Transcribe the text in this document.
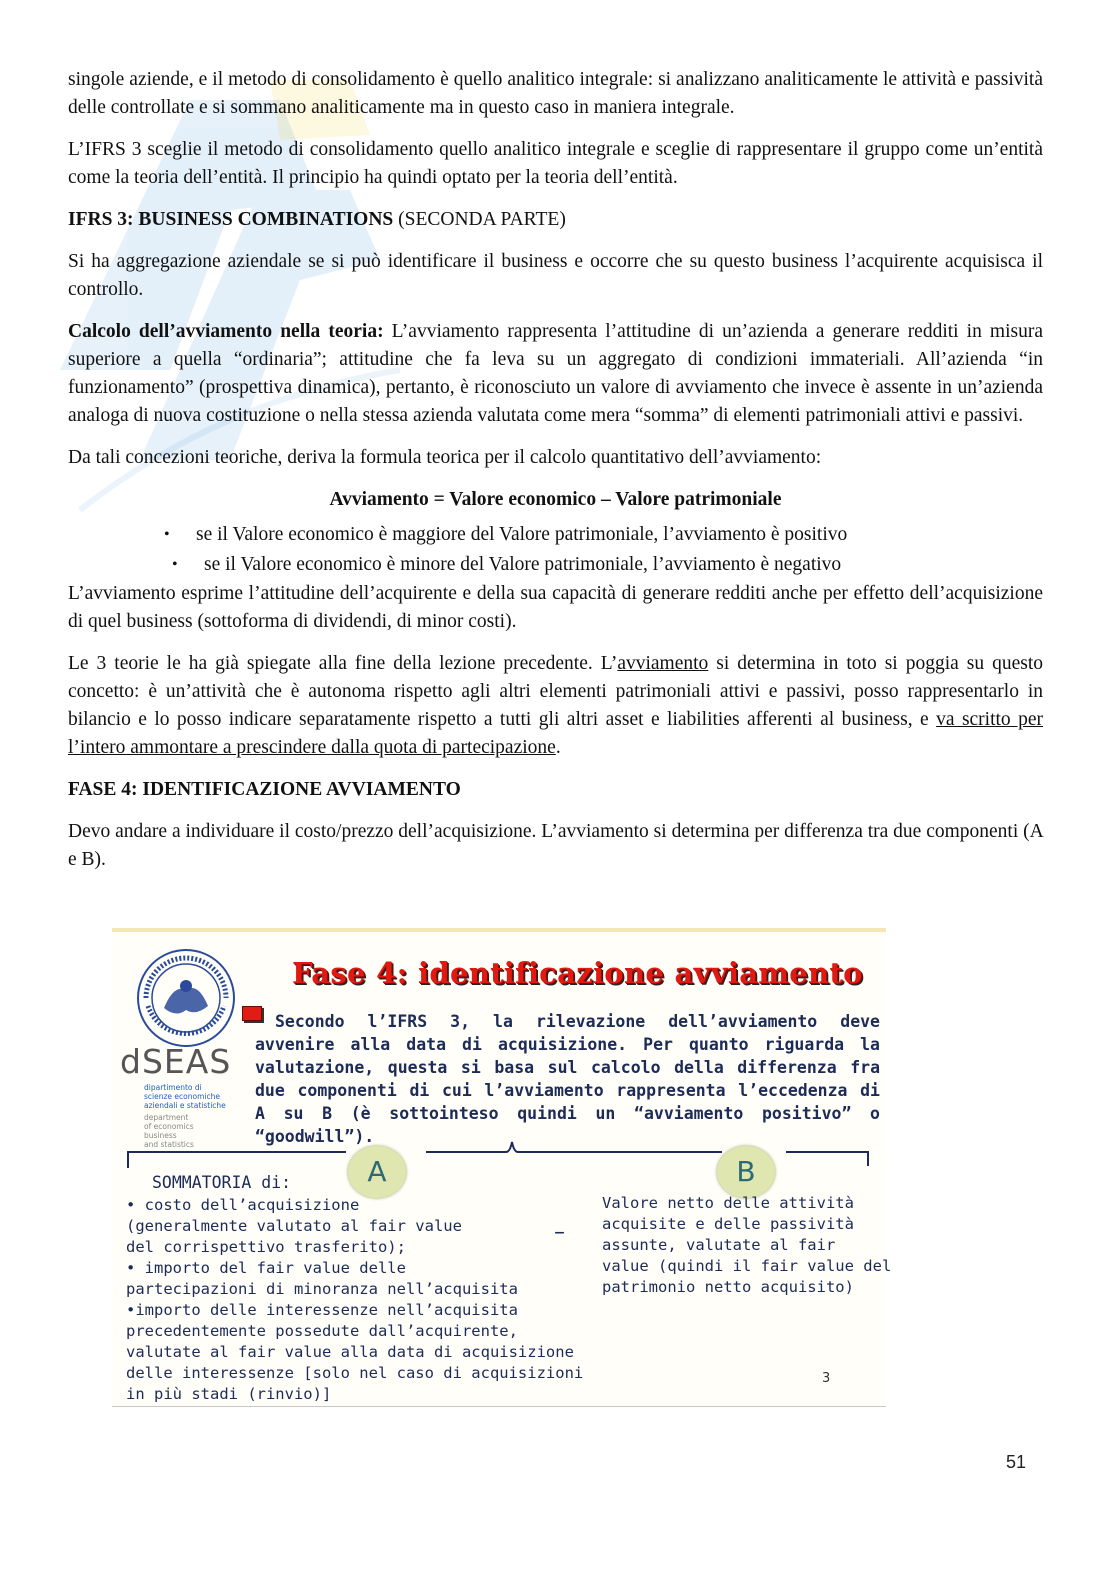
singole aziende, e il metodo di consolidamento è quello analitico integrale: si analizzano analiticamente le attività e passività delle controllate e si sommano analiticamente ma in questo caso in maniera integrale.

L’IFRS 3 sceglie il metodo di consolidamento quello analitico integrale e sceglie di rappresentare il gruppo come un’entità come la teoria dell’entità. Il principio ha quindi optato per la teoria dell’entità.

IFRS 3: BUSINESS COMBINATIONS (SECONDA PARTE)

Si ha aggregazione aziendale se si può identificare il business e occorre che su questo business l’acquirente acquisisca il controllo.

Calcolo dell’avviamento nella teoria: L’avviamento rappresenta l’attitudine di un’azienda a generare redditi in misura superiore a quella “ordinaria”; attitudine che fa leva su un aggregato di condizioni immateriali. All’azienda “in funzionamento” (prospettiva dinamica), pertanto, è riconosciuto un valore di avviamento che invece è assente in un’azienda analoga di nuova costituzione o nella stessa azienda valutata come mera “somma” di elementi patrimoniali attivi e passivi.

Da tali concezioni teoriche, deriva la formula teorica per il calcolo quantitativo dell’avviamento:

Avviamento = Valore economico – Valore patrimoniale
• se il Valore economico è maggiore del Valore patrimoniale, l’avviamento è positivo
• se il Valore economico è minore del Valore patrimoniale, l’avviamento è negativo

L’avviamento esprime l’attitudine dell’acquirente e della sua capacità di generare redditi anche per effetto dell’acquisizione di quel business (sottoforma di dividendi, di minor costi).

Le 3 teorie le ha già spiegate alla fine della lezione precedente. L’avviamento si determina in toto si poggia su questo concetto: è un’attività che è autonoma rispetto agli altri elementi patrimoniali attivi e passivi, posso rappresentarlo in bilancio e lo posso indicare separatamente rispetto a tutti gli altri asset e liabilities afferenti al business, e va scritto per l’intero ammontare a prescindere dalla quota di partecipazione.

FASE 4: IDENTIFICAZIONE AVVIAMENTO

Devo andare a individuare il costo/prezzo dell’acquisizione. L’avviamento si determina per differenza tra due componenti (A e B).

dSEAS
dipartimento di
scienze economiche
aziendali e statistiche
department
of economics
business
and statistics
Fase 4: identificazione avviamento
Secondo l’IFRS 3, la rilevazione dell’avviamento deve avvenire alla data di acquisizione. Per quanto riguarda la valutazione, questa si basa sul calcolo della differenza fra due componenti di cui l’avviamento rappresenta l’eccedenza di A su B (è sottointeso quindi un “avviamento positivo” o “goodwill”).
A	B
SOMMATORIA di:
• costo dell’acquisizione
(generalmente valutato al fair value
del corrispettivo trasferito);
• importo del fair value delle
partecipazioni di minoranza nell’acquisita
•importo delle interessenze nell’acquisita
precedentemente possedute dall’acquirente,
valutate al fair value alla data di acquisizione
delle interessenze [solo nel caso di acquisizioni
in più stadi (rinvio)]
–
Valore netto delle attività
acquisite e delle passività
assunte, valutate al fair
value (quindi il fair value del
patrimonio netto acquisito)
3
51
